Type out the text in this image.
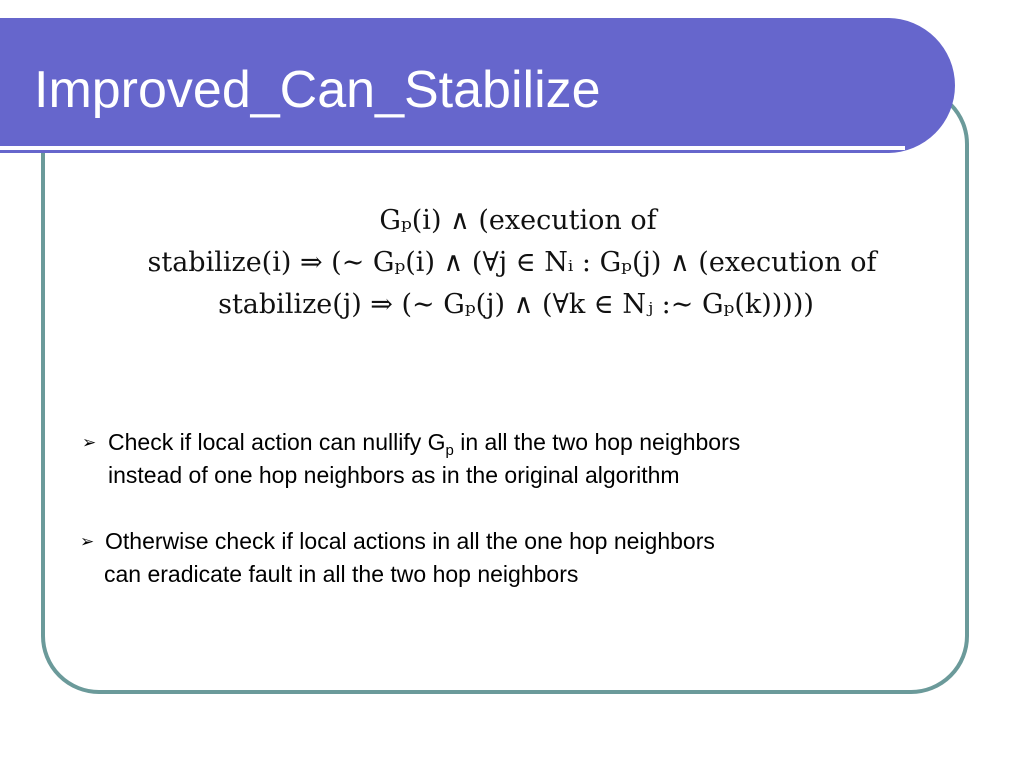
Improved_Can_Stabilize
Gₚ(i) ∧ (execution of
stabilize(i) ⇒ (∼ Gₚ(i) ∧ (∀j ∈ Nᵢ : Gₚ(j) ∧ (execution of
stabilize(j) ⇒ (∼ Gₚ(j) ∧ (∀k ∈ Nⱼ :∼ Gₚ(k)))))
➢ Check if local action can nullify $G_p$ in all the two hop neighbors
instead of one hop neighbors as in the original algorithm
➢ Otherwise check if local actions in all the one hop neighbors
can eradicate fault in all the two hop neighbors
